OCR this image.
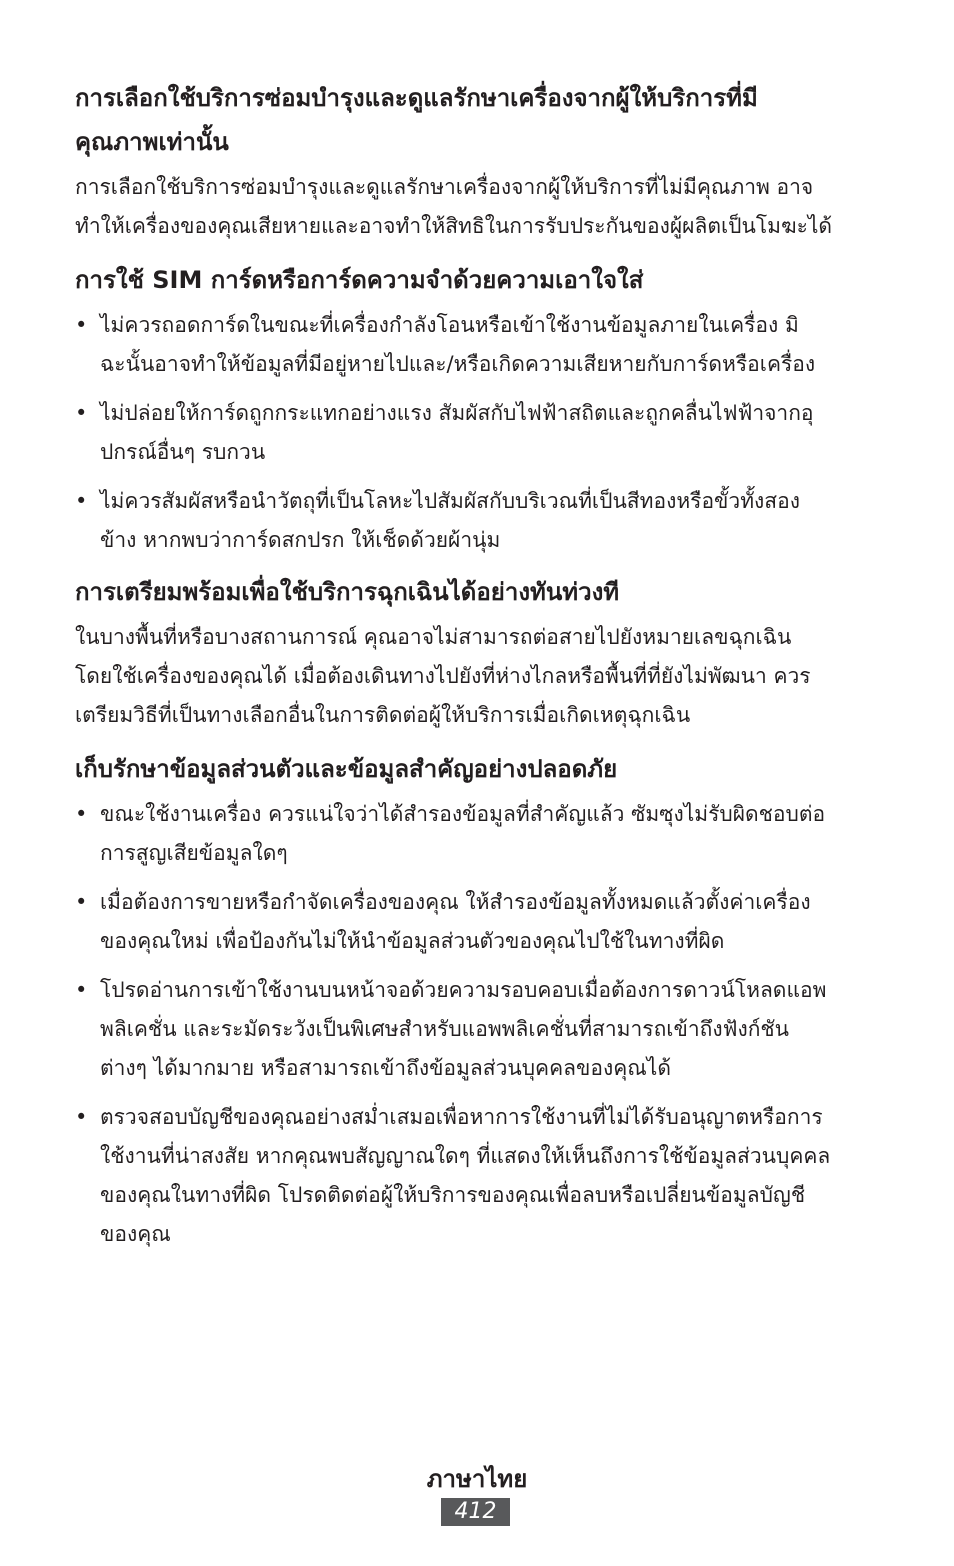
การเลือกใช้บริการซ่อมบำรุงและดูแลรักษาเครื่องจากผู้ให้บริการที่มีคุณภาพเท่านั้น

การเลือกใช้บริการซ่อมบำรุงและดูแลรักษาเครื่องจากผู้ให้บริการที่ไม่มีคุณภาพ อาจทำให้เครื่องของคุณเสียหายและอาจทำให้สิทธิในการรับประกันของผู้ผลิตเป็นโมฆะได้

การใช้ SIM การ์ดหรือการ์ดความจำด้วยความเอาใจใส่
• ไม่ควรถอดการ์ดในขณะที่เครื่องกำลังโอนหรือเข้าใช้งานข้อมูลภายในเครื่อง มิฉะนั้นอาจทำให้ข้อมูลที่มีอยู่หายไปและ/หรือเกิดความเสียหายกับการ์ดหรือเครื่อง
• ไม่ปล่อยให้การ์ดถูกกระแทกอย่างแรง สัมผัสกับไฟฟ้าสถิตและถูกคลื่นไฟฟ้าจากอุปกรณ์อื่นๆ รบกวน
• ไม่ควรสัมผัสหรือนำวัตถุที่เป็นโลหะไปสัมผัสกับบริเวณที่เป็นสีทองหรือขั้วทั้งสองข้าง หากพบว่าการ์ดสกปรก ให้เช็ดด้วยผ้านุ่ม
การเตรียมพร้อมเพื่อใช้บริการฉุกเฉินได้อย่างทันท่วงที

ในบางพื้นที่หรือบางสถานการณ์ คุณอาจไม่สามารถต่อสายไปยังหมายเลขฉุกเฉิน โดยใช้เครื่องของคุณได้ เมื่อต้องเดินทางไปยังที่ห่างไกลหรือพื้นที่ที่ยังไม่พัฒนา ควรเตรียมวิธีที่เป็นทางเลือกอื่นในการติดต่อผู้ให้บริการเมื่อเกิดเหตุฉุกเฉิน

เก็บรักษาข้อมูลส่วนตัวและข้อมูลสำคัญอย่างปลอดภัย
• ขณะใช้งานเครื่อง ควรแน่ใจว่าได้สำรองข้อมูลที่สำคัญแล้ว ซัมซุงไม่รับผิดชอบต่อการสูญเสียข้อมูลใดๆ
• เมื่อต้องการขายหรือกำจัดเครื่องของคุณ ให้สำรองข้อมูลทั้งหมดแล้วตั้งค่าเครื่องของคุณใหม่ เพื่อป้องกันไม่ให้นำข้อมูลส่วนตัวของคุณไปใช้ในทางที่ผิด
• โปรดอ่านการเข้าใช้งานบนหน้าจอด้วยความรอบคอบเมื่อต้องการดาวน์โหลดแอพพลิเคชั่น และระมัดระวังเป็นพิเศษสำหรับแอพพลิเคชั่นที่สามารถเข้าถึงฟังก์ชันต่างๆ ได้มากมาย หรือสามารถเข้าถึงข้อมูลส่วนบุคคลของคุณได้
• ตรวจสอบบัญชีของคุณอย่างสม่ำเสมอเพื่อหาการใช้งานที่ไม่ได้รับอนุญาตหรือการใช้งานที่น่าสงสัย หากคุณพบสัญญาณใดๆ ที่แสดงให้เห็นถึงการใช้ข้อมูลส่วนบุคคลของคุณในทางที่ผิด โปรดติดต่อผู้ให้บริการของคุณเพื่อลบหรือเปลี่ยนข้อมูลบัญชีของคุณ
ภาษาไทย
412
